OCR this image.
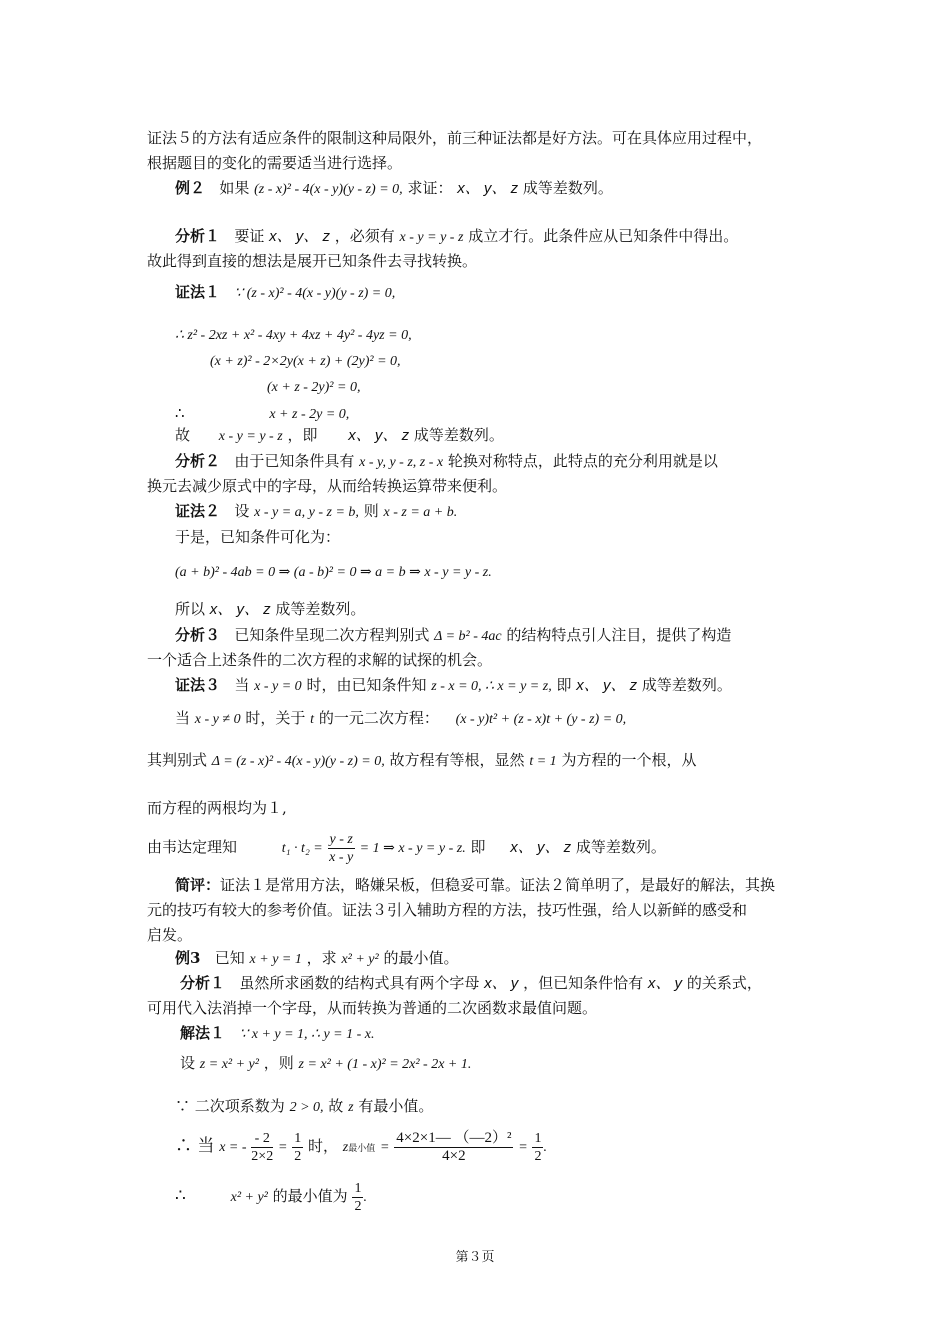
证法５的方法有适应条件的限制这种局限外，前三种证法都是好方法。可在具体应用过程中，
根据题目的变化的需要适当进行选择。
例２ 如果 (z - x)² - 4(x - y)(y - z) = 0, 求证： x、 y、 z 成等差数列。
分析１ 要证 x、 y、 z ，必须有 x - y = y - z 成立才行。此条件应从已知条件中得出。
故此得到直接的想法是展开已知条件去寻找转换。
证法１ ∵ (z - x)² - 4(x - y)(y - z) = 0,
∴ z² - 2xz + x² - 4xy + 4xz + 4y² - 4yz = 0,
(x + z)² - 2×2y(x + z) + (2y)² = 0,
(x + z - 2y)² = 0,
∴	x + z - 2y = 0,
故 x - y = y - z ，即 x、 y、 z 成等差数列。
分析２ 由于已知条件具有 x - y, y - z, z - x 轮换对称特点，此特点的充分利用就是以
换元去减少原式中的字母，从而给转换运算带来便利。
证法２ 设 x - y = a, y - z = b, 则 x - z = a + b.
于是，已知条件可化为：
(a + b)² - 4ab = 0 ⇒ (a - b)² = 0 ⇒ a = b ⇒ x - y = y - z.
所以 x、 y、 z 成等差数列。
分析３ 已知条件呈现二次方程判别式 Δ = b² - 4ac 的结构特点引人注目，提供了构造
一个适合上述条件的二次方程的求解的试探的机会。
证法３ 当 x - y = 0 时，由已知条件知 z - x = 0, ∴ x = y = z, 即 x、 y、 z 成等差数列。
当 x - y ≠ 0 时，关于 t 的一元二次方程： (x - y)t² + (z - x)t + (y - z) = 0,
其判别式 Δ = (z - x)² - 4(x - y)(y - z) = 0, 故方程有等根，显然 t = 1 为方程的一个根，从
而方程的两根均为１,
由韦达定理知	$t_1 \cdot t_2 = \frac{y - z}{x - y} = 1$ ⇒ x - y = y - z. 即 x、 y、 z 成等差数列。
简评：证法１是常用方法，略嫌呆板，但稳妥可靠。证法２简单明了，是最好的解法，其换
元的技巧有较大的参考价值。证法３引入辅助方程的方法，技巧性强，给人以新鲜的感受和
启发。
例3 已知 x + y = 1 ，求 x² + y² 的最小值。
分析１ 虽然所求函数的结构式具有两个字母 x、 y ，但已知条件恰有 x、 y 的关系式，
可用代入法消掉一个字母，从而转换为普通的二次函数求最值问题。
解法１ ∵ x + y = 1, ∴ y = 1 - x.
设 z = x² + y² ，则 z = x² + (1 - x)² = 2x² - 2x + 1.
∵ 二次项系数为 2 > 0, 故 z 有最小值。
∴ 当 x = - $\frac{- 2}{2\times 2} = \frac{1}{2}$ 时， z最小值 = $\frac{\text{4×2×1— （—2）²}}{4\times 2} = \frac{1}{2}$ .
∴	x² + y² 的最小值为 $\frac{1}{2}$ .
第３页
